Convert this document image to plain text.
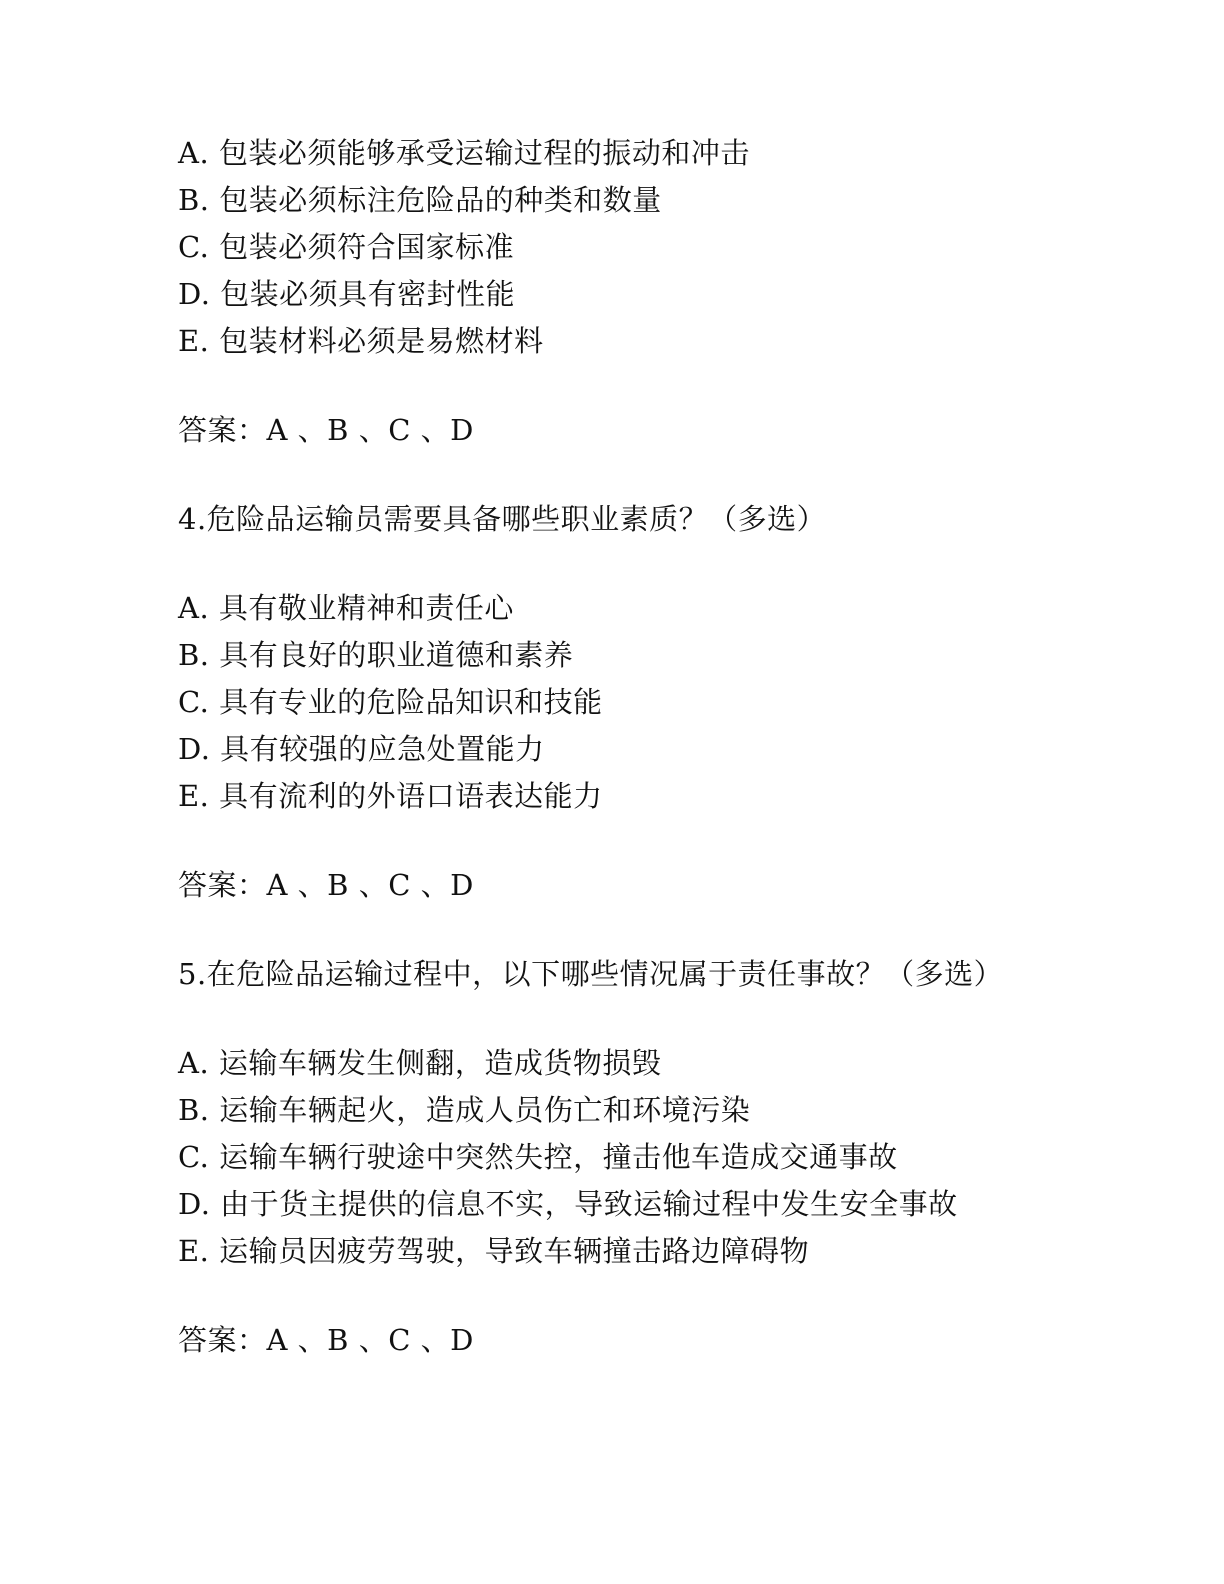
A. 包装必须能够承受运输过程的振动和冲击
B. 包装必须标注危险品的种类和数量
C. 包装必须符合国家标准
D. 包装必须具有密封性能
E. 包装材料必须是易燃材料
答案：A 、B 、C 、D
4.危险品运输员需要具备哪些职业素质？（多选）
A. 具有敬业精神和责任心
B. 具有良好的职业道德和素养
C. 具有专业的危险品知识和技能
D. 具有较强的应急处置能力
E. 具有流利的外语口语表达能力
答案：A 、B 、C 、D
5.在危险品运输过程中，以下哪些情况属于责任事故？（多选）
A. 运输车辆发生侧翻，造成货物损毁
B. 运输车辆起火，造成人员伤亡和环境污染
C. 运输车辆行驶途中突然失控，撞击他车造成交通事故
D. 由于货主提供的信息不实，导致运输过程中发生安全事故
E. 运输员因疲劳驾驶，导致车辆撞击路边障碍物
答案：A 、B 、C 、D
